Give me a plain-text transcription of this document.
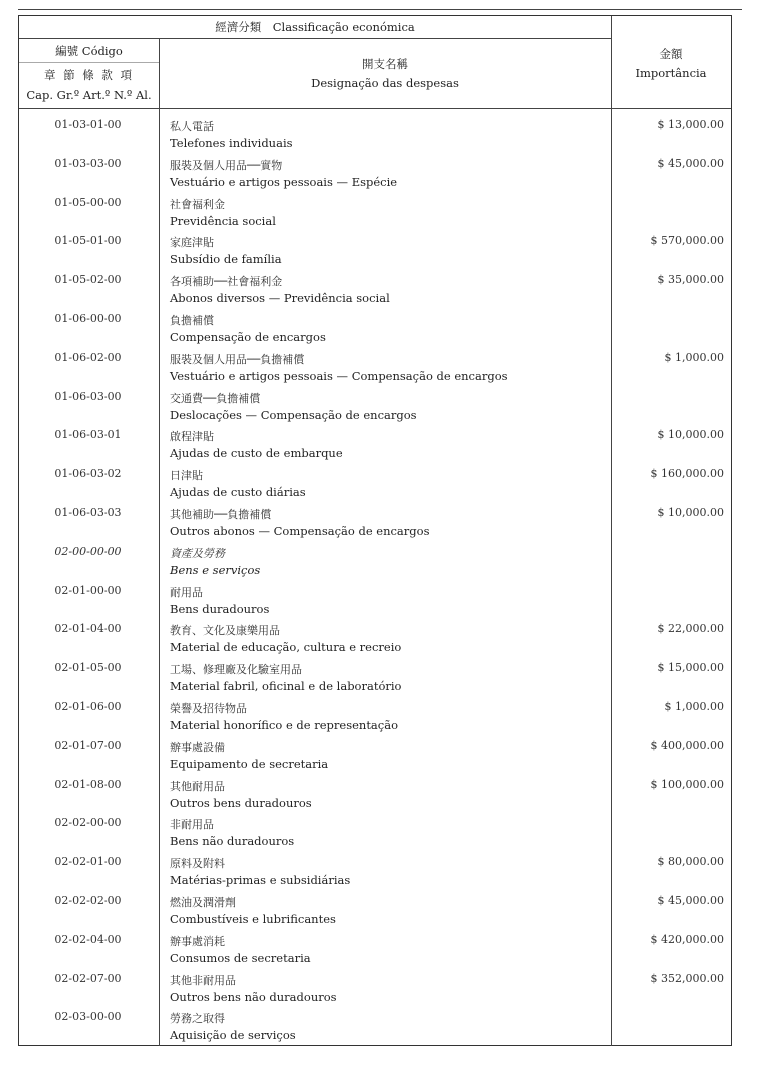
經濟分類　Classificação económica
編號 Código
章 節 條 款 項
Cap. Gr.º Art.º N.º Al.
開支名稱
Designação das despesas
金額
Importância
01-03-01-00	私人電話
Telefones individuais
$ 13,000.00
01-03-03-00	服裝及個人用品──實物
Vestuário e artigos pessoais — Espécie
$ 45,000.00
01-05-00-00	社會福利金
Previdência social
01-05-01-00	家庭津貼
Subsídio de família
$ 570,000.00
01-05-02-00	各項補助──社會福利金
Abonos diversos — Previdência social
$ 35,000.00
01-06-00-00	負擔補償
Compensação de encargos
01-06-02-00	服裝及個人用品──負擔補償
Vestuário e artigos pessoais — Compensação de encargos
$ 1,000.00
01-06-03-00	交通費──負擔補償
Deslocações — Compensação de encargos
01-06-03-01	啟程津貼
Ajudas de custo de embarque
$ 10,000.00
01-06-03-02	日津貼
Ajudas de custo diárias
$ 160,000.00
01-06-03-03	其他補助──負擔補償
Outros abonos — Compensação de encargos
$ 10,000.00
02-00-00-00	資產及勞務
Bens e serviços
02-01-00-00	耐用品
Bens duradouros
02-01-04-00	教育、文化及康樂用品
Material de educação, cultura e recreio
$ 22,000.00
02-01-05-00	工場、修理廠及化驗室用品
Material fabril, oficinal e de laboratório
$ 15,000.00
02-01-06-00	榮譽及招待物品
Material honorífico e de representação
$ 1,000.00
02-01-07-00	辦事處設備
Equipamento de secretaria
$ 400,000.00
02-01-08-00	其他耐用品
Outros bens duradouros
$ 100,000.00
02-02-00-00	非耐用品
Bens não duradouros
02-02-01-00	原料及附料
Matérias-primas e subsidiárias
$ 80,000.00
02-02-02-00	燃油及潤滑劑
Combustíveis e lubrificantes
$ 45,000.00
02-02-04-00	辦事處消耗
Consumos de secretaria
$ 420,000.00
02-02-07-00	其他非耐用品
Outros bens não duradouros
$ 352,000.00
02-03-00-00	勞務之取得
Aquisição de serviços
